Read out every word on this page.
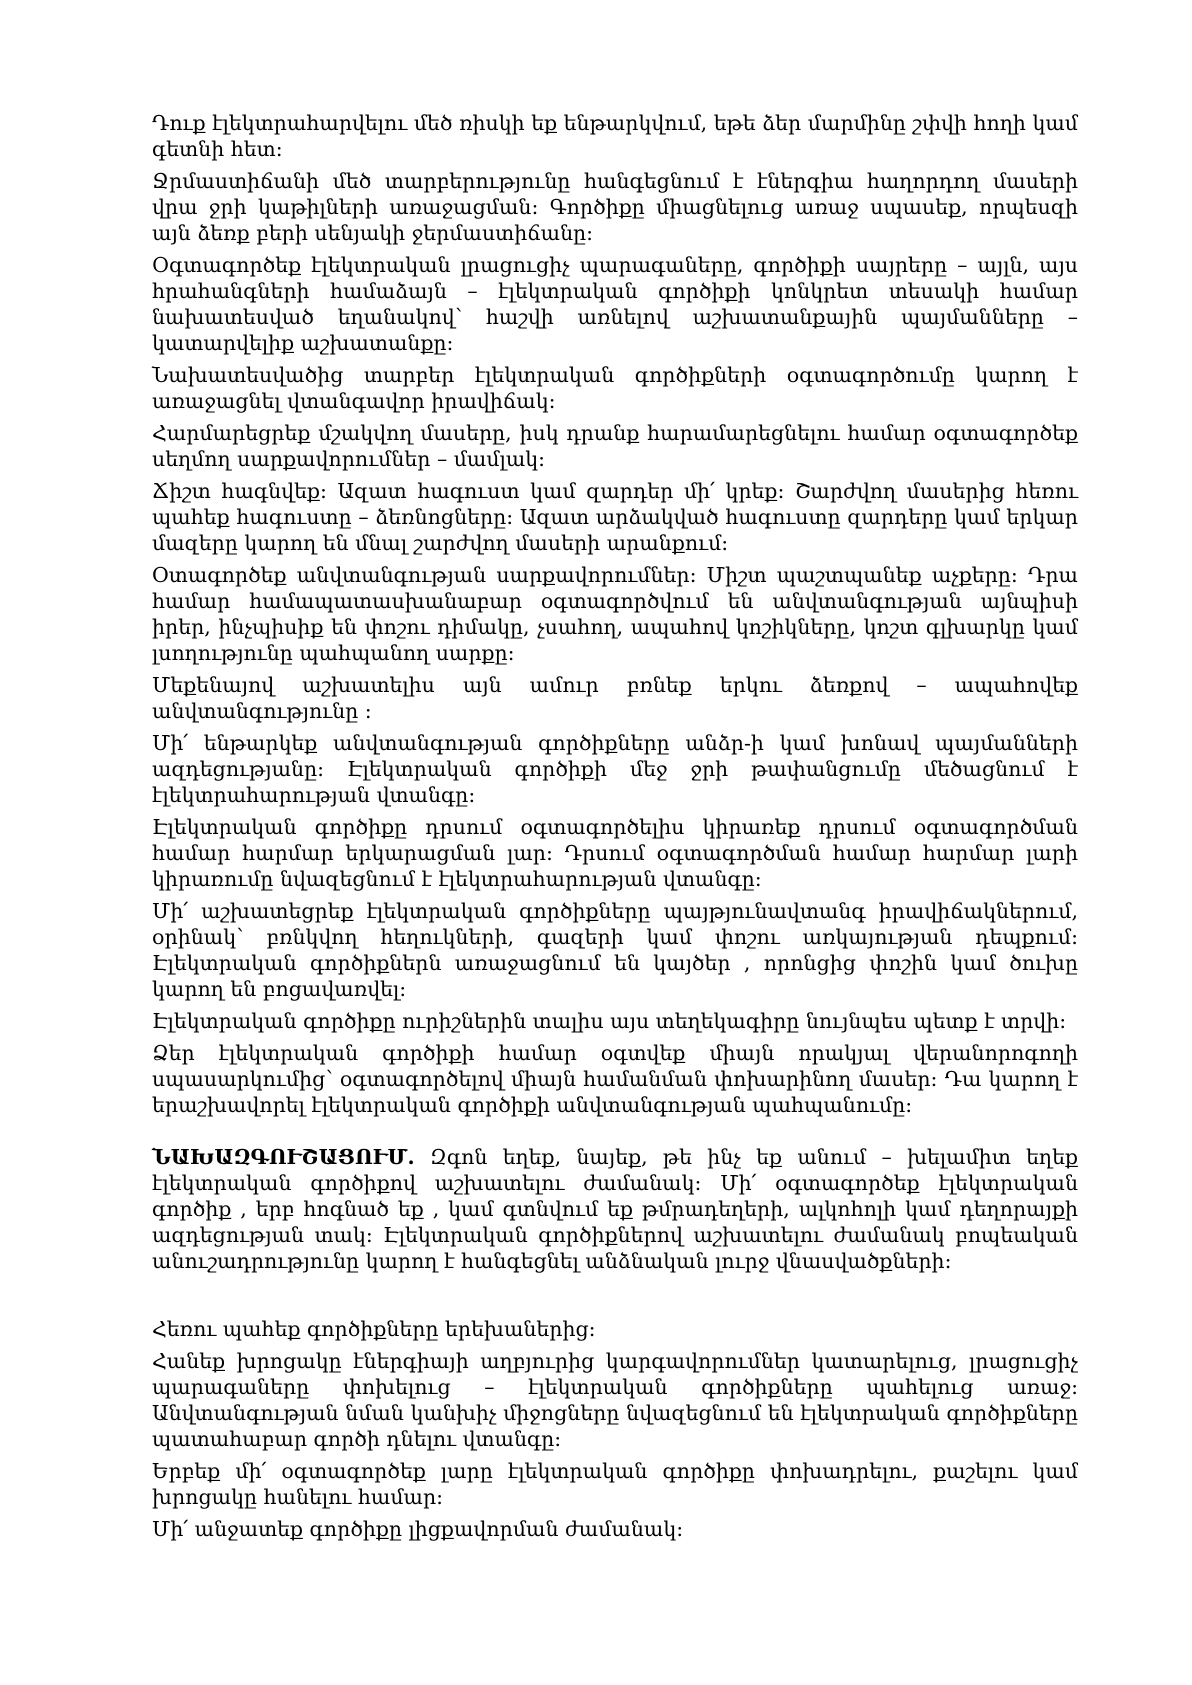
Դուք էլեկտրահարվելու մեծ ռիսկի եք ենթարկվում, եթե ձեր մարմինը շփվի հողի կամ գետնի հետ:

Ջրմաստիճանի մեծ տարբերությունը հանգեցնում է էներգիա հաղորդող մասերի վրա ջրի կաթիլների առաջացման: Գործիքը միացնելուց առաջ սպասեք, որպեսզի այն ձեռք բերի սենյակի ջերմաստիճանը:

Օգտագործեք էլեկտրական լրացուցիչ պարագաները, գործիքի սայրերը – այլն, այս հրահանգների համաձայն – էլեկտրական գործիքի կոնկրետ տեսակի համար նախատեսված եղանակով՝ հաշվի առնելով աշխատանքային պայմանները – կատարվելիք աշխատանքը:

Նախատեսվածից տարբեր էլեկտրական գործիքների օգտագործումը կարող է առաջացնել վտանգավոր իրավիճակ:

Հարմարեցրեք մշակվող մասերը, իսկ դրանք հարամարեցնելու համար օգտագործեք սեղմող սարքավորումներ – մամլակ:

Ճիշտ հագնվեք: Ազատ հագուստ կամ զարդեր մի՛ կրեք: Շարժվող մասերից հեռու պահեք հագուստը – ձեռնոցները: Ազատ արձակված հագուստը զարդերը կամ երկար մազերը կարող են մնալ շարժվող մասերի արանքում:

Oտագործեք անվտանգության սարքավորումներ: Միշտ պաշտպանեք աչքերը: Դրա համար համապատասխանաբար օգտագործվում են անվտանգության այնպիսի իրեր, ինչպիսիք են փոշու դիմակը, չսահող, ապահով կոշիկները, կոշտ գլխարկը կամ լսողությունը պահպանող սարքը:

Մեքենայով աշխատելիս այն ամուր բռնեք երկու ձեռքով – ապահովեք անվտանգությունը :

Մի՛ ենթարկեք անվտանգության գործիքները անձր-ի կամ խոնավ պայմանների ազդեցությանը: Էլեկտրական գործիքի մեջ ջրի թափանցումը մեծացնում է էլեկտրահարության վտանգը:

Էլեկտրական գործիքը դրսում օգտագործելիս կիրառեք դրսում օգտագործման համար հարմար երկարացման լար: Դրսում օգտագործման համար հարմար լարի կիրառումը նվազեցնում է էլեկտրահարության վտանգը:

Մի՛ աշխատեցրեք էլեկտրական գործիքները պայթյունավտանգ իրավիճակներում, օրինակ՝ բռնկվող հեղուկների, գազերի կամ փոշու առկայության դեպքում: Էլեկտրական գործիքներն առաջացնում են կայծեր , որոնցից փոշին կամ ծուխը կարող են բոցավառվել:

Էլեկտրական գործիքը ուրիշներին տալիս այս տեղեկագիրը նույնպես պետք է տրվի:

Ձեր էլեկտրական գործիքի համար օգտվեք միայն որակյալ վերանորոգողի սպասարկումից՝ օգտագործելով միայն համանման փոխարինող մասեր: Դա կարող է երաշխավորել էլեկտրական գործիքի անվտանգության պահպանումը:

ՆԱԽԱԶԳՈՒՇԱՑՈՒՄ. Զգոն եղեք, նայեք, թե ինչ եք անում – խելամիտ եղեք էլեկտրական գործիքով աշխատելու ժամանակ: Մի՛ օգտագործեք էլեկտրական գործիք , երբ հոգնած եք , կամ գտնվում եք թմրադեղերի, ալկոհոլի կամ դեղորայքի ազդեցության տակ: Էլեկտրական գործիքներով աշխատելու ժամանակ բոպեական անուշադրությունը կարող է հանգեցնել անձնական լուրջ վնասվածքների:

Հեռու պահեք գործիքները երեխաներից:

Հանեք խրոցակը էներգիայի աղբյուրից կարգավորումներ կատարելուց, լրացուցիչ պարագաները փոխելուց – էլեկտրական գործիքները պահելուց առաջ: Անվտանգության նման կանխիչ միջոցները նվազեցնում են էլեկտրական գործիքները պատահաբար գործի դնելու վտանգը:

Երբեք մի՛ օգտագործեք լարը էլեկտրական գործիքը փոխադրելու, քաշելու կամ խրոցակը հանելու համար:

Մի՛ անջատեք գործիքը լիցքավորման ժամանակ:
